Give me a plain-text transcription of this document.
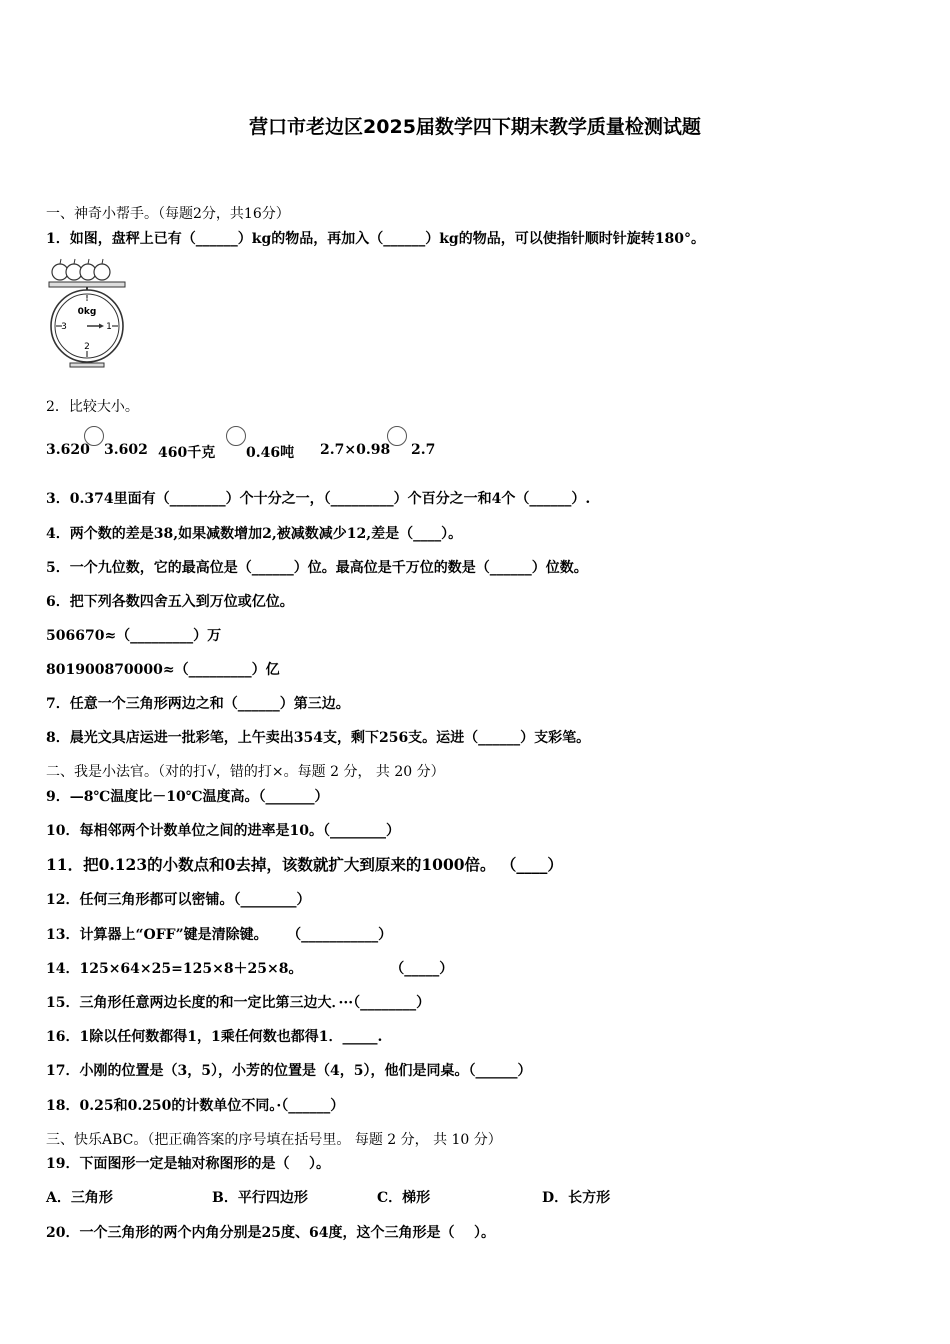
营口市老边区2025届数学四下期末教学质量检测试题
一、神奇小帮手。（每题2分，共16分）
1．如图，盘秤上已有（______）kg的物品，再加入（______）kg的物品，可以使指针顺时针旋转180°。
0kg
3	1
2
0
2．比较大小。
3.620 3.602 460千克 0.46吨 2.7×0.98 2.7
3．0.374里面有（________）个十分之一，（_________）个百分之一和4个（______）.
4．两个数的差是38,如果减数增加2,被减数减少12,差是（____）。
5．一个九位数，它的最高位是（______）位。最高位是千万位的数是（______）位数。
6．把下列各数四舍五入到万位或亿位。
506670≈（_________）万
801900870000≈（_________）亿
7．任意一个三角形两边之和（______）第三边。
8．晨光文具店运进一批彩笔，上午卖出354支，剩下256支。运进（______）支彩笔。
二、我是小法官。（对的打√，错的打×。每题 2 分， 共 20 分）
9．—8℃温度比－10℃温度高。（_______）
10．每相邻两个计数单位之间的进率是10。（________）
11．把0.123的小数点和0去掉，该数就扩大到原来的1000倍。 （____）
12．任何三角形都可以密铺。（________）
13．计算器上“OFF”键是清除键。    （___________）
14．125×64×25=125×8＋25×8。                  （_____）
15．三角形任意两边长度的和一定比第三边大．···（________）
16．1除以任何数都得1，1乘任何数也都得1．_____.
17．小刚的位置是（3，5），小芳的位置是（4，5），他们是同桌。（______）
18．0.25和0.250的计数单位不同。·（______）
三、快乐ABC。（把正确答案的序号填在括号里。 每题 2 分， 共 10 分）
19．下面图形一定是轴对称图形的是（    ）。
A．三角形	B．平行四边形	C．梯形	D．长方形
20．一个三角形的两个内角分别是25度、64度，这个三角形是（    ）。
